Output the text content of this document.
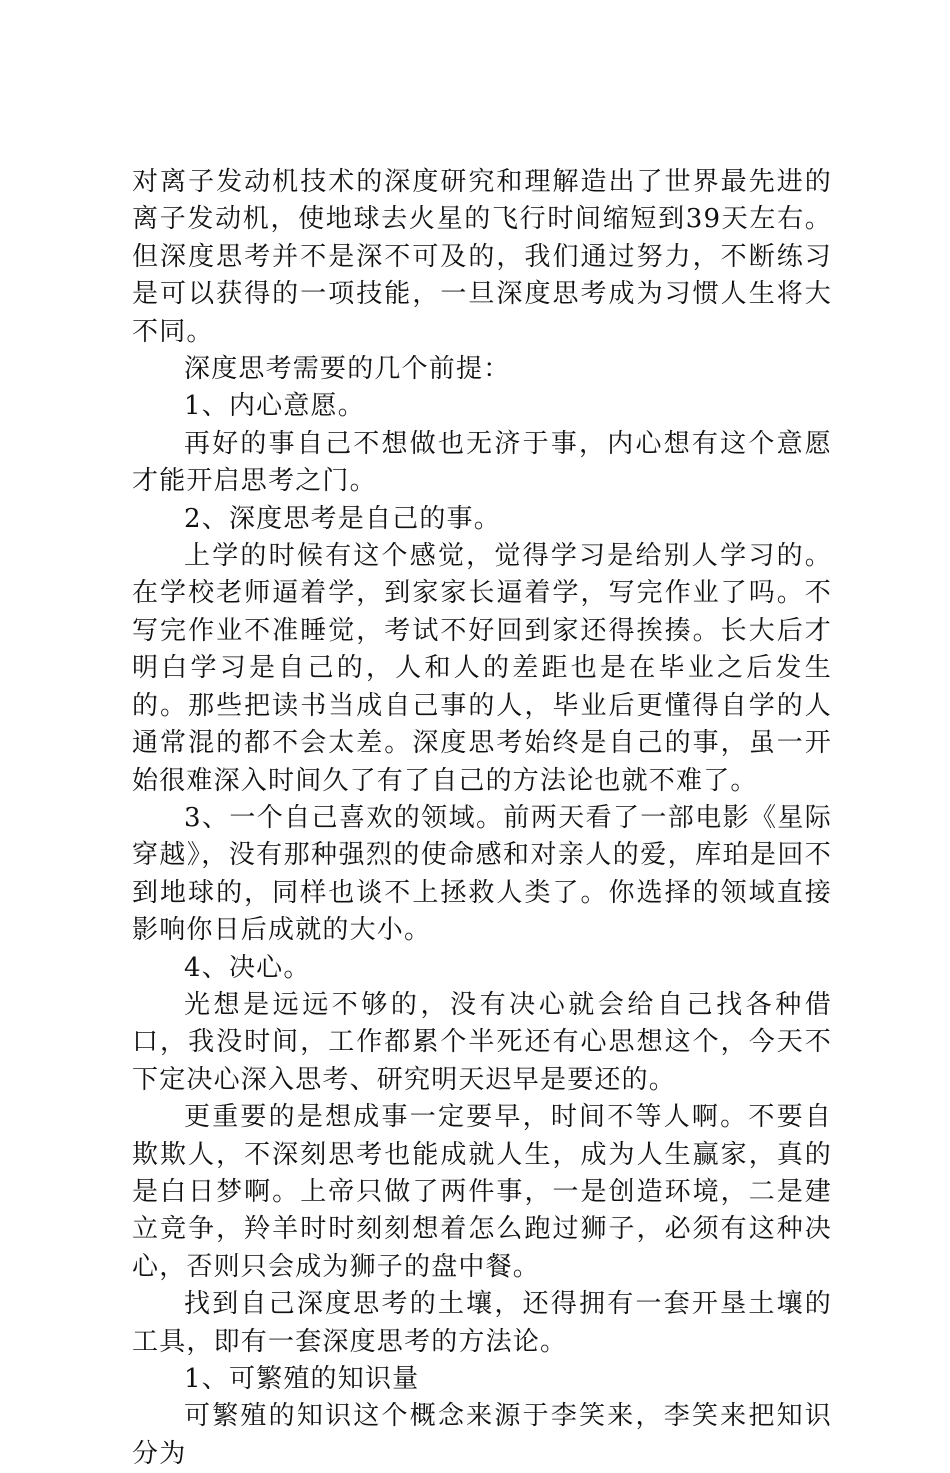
对离子发动机技术的深度研究和理解造出了世界最先进的离子发动机，使地球去火星的飞行时间缩短到39天左右。但深度思考并不是深不可及的，我们通过努力，不断练习是可以获得的一项技能，一旦深度思考成为习惯人生将大不同。

深度思考需要的几个前提：

1、内心意愿。

再好的事自己不想做也无济于事，内心想有这个意愿才能开启思考之门。

2、深度思考是自己的事。

上学的时候有这个感觉，觉得学习是给别人学习的。在学校老师逼着学，到家家长逼着学，写完作业了吗。不写完作业不准睡觉，考试不好回到家还得挨揍。长大后才明白学习是自己的，人和人的差距也是在毕业之后发生的。那些把读书当成自己事的人，毕业后更懂得自学的人通常混的都不会太差。深度思考始终是自己的事，虽一开始很难深入时间久了有了自己的方法论也就不难了。

3、一个自己喜欢的领域。前两天看了一部电影《星际穿越》，没有那种强烈的使命感和对亲人的爱，库珀是回不到地球的，同样也谈不上拯救人类了。你选择的领域直接影响你日后成就的大小。

4、决心。

光想是远远不够的，没有决心就会给自己找各种借口，我没时间，工作都累个半死还有心思想这个，今天不下定决心深入思考、研究明天迟早是要还的。

更重要的是想成事一定要早，时间不等人啊。不要自欺欺人，不深刻思考也能成就人生，成为人生赢家，真的是白日梦啊。上帝只做了两件事，一是创造环境，二是建立竞争，羚羊时时刻刻想着怎么跑过狮子，必须有这种决心，否则只会成为狮子的盘中餐。

找到自己深度思考的土壤，还得拥有一套开垦土壤的工具，即有一套深度思考的方法论。

1、可繁殖的知识量

可繁殖的知识这个概念来源于李笑来，李笑来把知识分为
